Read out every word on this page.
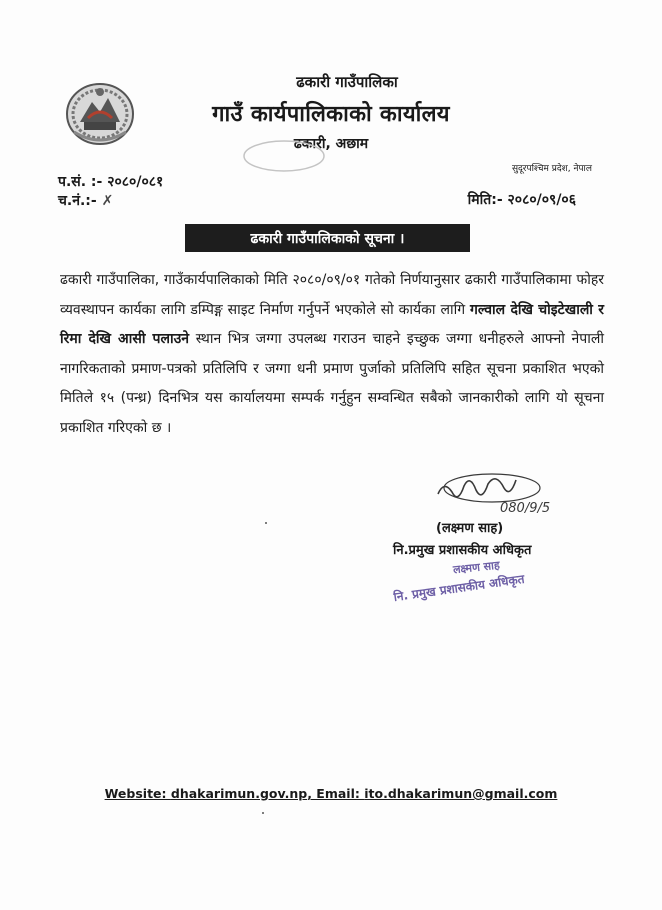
ढकारी गाउँपालिका
गाउँ कार्यपालिकाको कार्यालय
ढकारी, अछाम
सुदूरपश्चिम प्रदेश, नेपाल
प.सं. :- २०८०/०८१
च.नं.:- ✗	मिति:- २०८०/०९/०६
ढकारी गाउँपालिकाको सूचना ।

ढकारी गाउँपालिका, गाउँकार्यपालिकाको मिति २०८०/०९/०१ गतेको निर्णयानुसार ढकारी गाउँपालिकामा फोहर व्यवस्थापन कार्यका लागि डम्पिङ्ग साइट निर्माण गर्नुपर्ने भएकोले सो कार्यका लागि गल्वाल देखि चोइटेखाली र रिमा देखि आसी पलाउने स्थान भित्र जग्गा उपलब्ध गराउन चाहने इच्छुक जग्गा धनीहरुले आफ्नो नेपाली नागरिकताको प्रमाण-पत्रको प्रतिलिपि र जग्गा धनी प्रमाण पुर्जाको प्रतिलिपि सहित सूचना प्रकाशित भएको मितिले १५ (पन्ध्र) दिनभित्र यस कार्यालयमा सम्पर्क गर्नुहुन सम्वन्धित सबैको जानकारीको लागि यो सूचना प्रकाशित गरिएको छ ।

080/9/5
(लक्ष्मण साह)
नि.प्रमुख प्रशासकीय अधिकृत
लक्ष्मण साह
नि. प्रमुख प्रशासकीय अधिकृत
Website: dhakarimun.gov.np, Email: ito.dhakarimun@gmail.com
